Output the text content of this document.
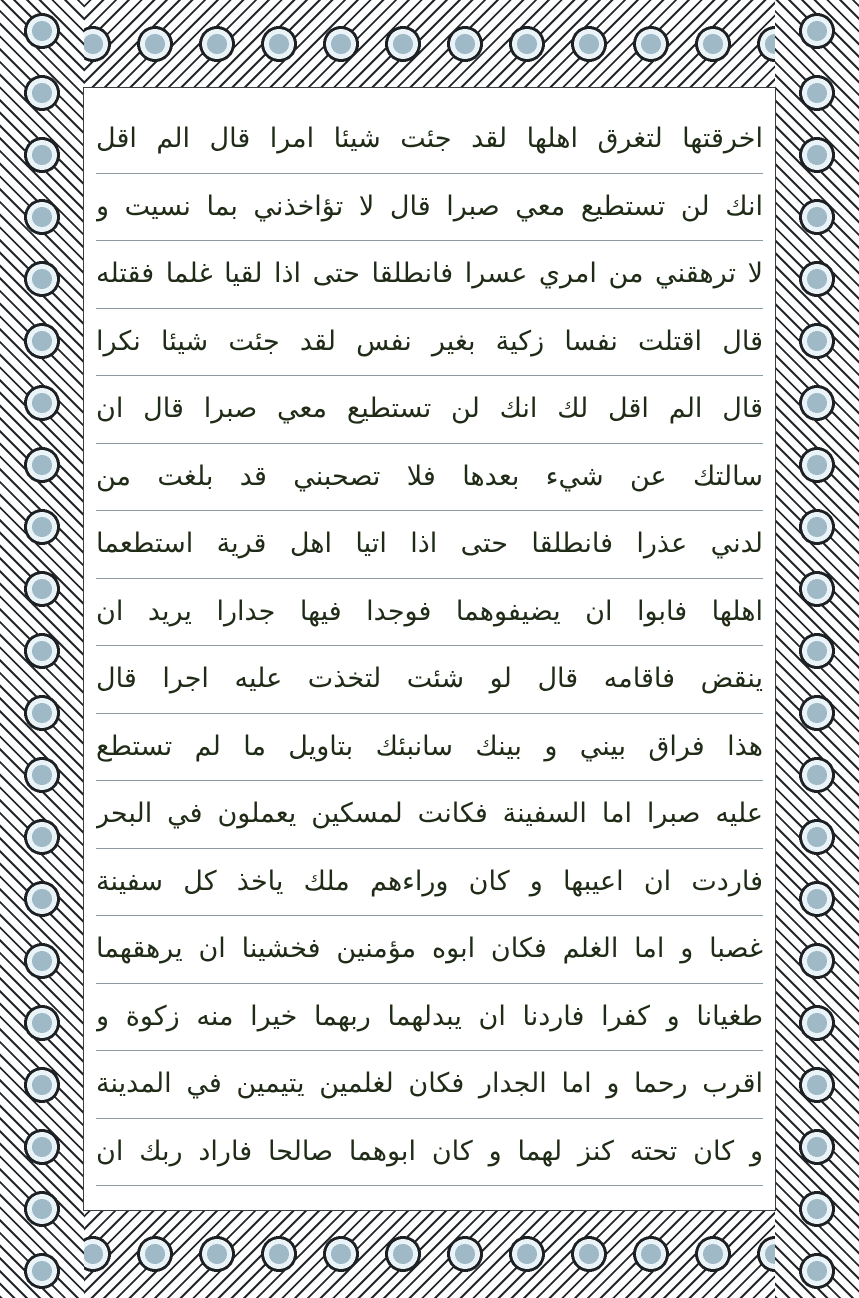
اخرقتها لتغرق اهلها لقد جئت شيئا امرا قال الم اقل
انك لن تستطيع معي صبرا قال لا تؤاخذني بما نسيت و
لا ترهقني من امري عسرا فانطلقا حتى اذا لقيا غلما فقتله
قال اقتلت نفسا زكية بغير نفس لقد جئت شيئا نكرا
قال الم اقل لك انك لن تستطيع معي صبرا قال ان
سالتك عن شيء بعدها فلا تصحبني قد بلغت من
لدني عذرا فانطلقا حتى اذا اتيا اهل قرية استطعما
اهلها فابوا ان يضيفوهما فوجدا فيها جدارا يريد ان
ينقض فاقامه قال لو شئت لتخذت عليه اجرا قال
هذا فراق بيني و بينك سانبئك بتاويل ما لم تستطع
عليه صبرا اما السفينة فكانت لمسكين يعملون في البحر
فاردت ان اعيبها و كان وراءهم ملك ياخذ كل سفينة
غصبا و اما الغلم فكان ابوه مؤمنين فخشينا ان يرهقهما
طغيانا و كفرا فاردنا ان يبدلهما ربهما خيرا منه زكوة و
اقرب رحما و اما الجدار فكان لغلمين يتيمين في المدينة
و كان تحته كنز لهما و كان ابوهما صالحا فاراد ربك ان
